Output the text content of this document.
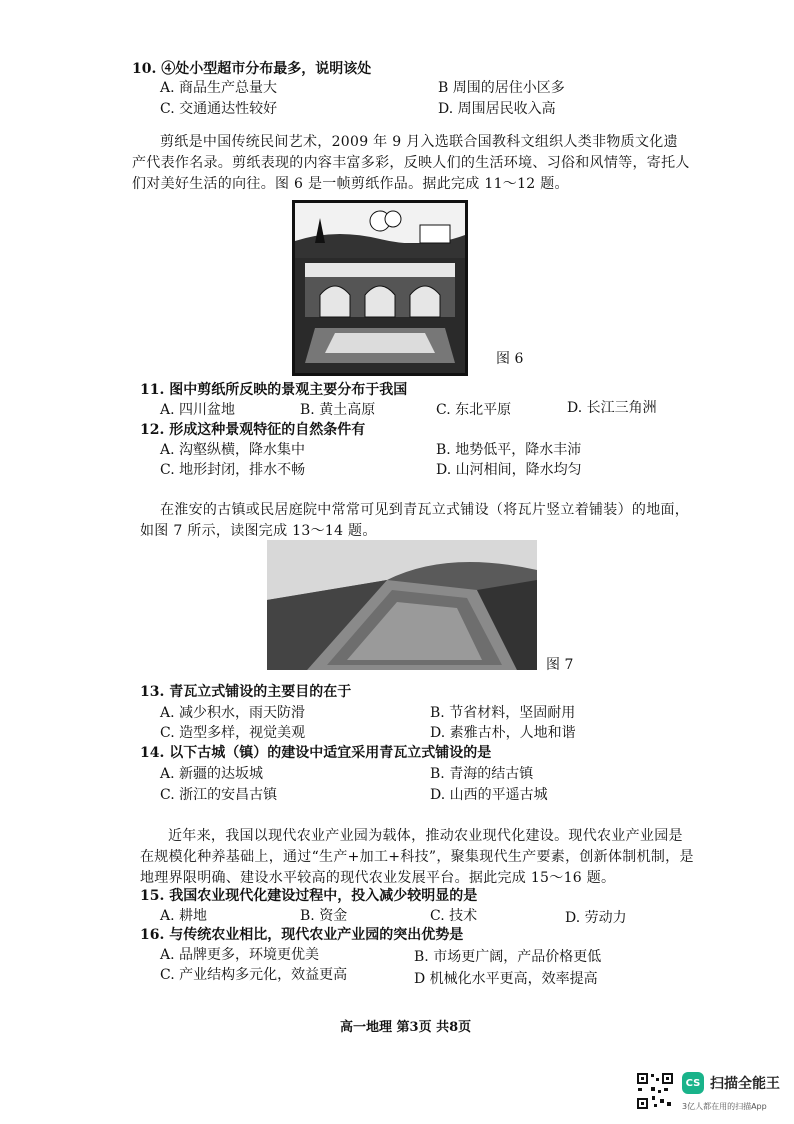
10. ④处小型超市分布最多，说明该处
A. 商品生产总量大	B 周围的居住小区多
C. 交通通达性较好	D. 周围居民收入高
剪纸是中国传统民间艺术，2009 年 9 月入选联合国教科文组织人类非物质文化遗产代表作名录。剪纸表现的内容丰富多彩，反映人们的生活环境、习俗和风情等，寄托人们对美好生活的向往。图 6 是一帧剪纸作品。据此完成 11～12 题。
图 6
11. 图中剪纸所反映的景观主要分布于我国
A. 四川盆地	B. 黄土高原	C. 东北平原	D. 长江三角洲
12. 形成这种景观特征的自然条件有
A. 沟壑纵横，降水集中	B. 地势低平，降水丰沛
C. 地形封闭，排水不畅	D. 山河相间，降水均匀
在淮安的古镇或民居庭院中常常可见到青瓦立式铺设（将瓦片竖立着铺装）的地面，如图 7 所示，读图完成 13～14 题。
图 7
13. 青瓦立式铺设的主要目的在于
A. 减少积水，雨天防滑	B. 节省材料，坚固耐用
C. 造型多样，视觉美观	D. 素雅古朴，人地和谐
14. 以下古城（镇）的建设中适宜采用青瓦立式铺设的是
A. 新疆的达坂城	B. 青海的结古镇
C. 浙江的安昌古镇	D. 山西的平遥古城
近年来，我国以现代农业产业园为载体，推动农业现代化建设。现代农业产业园是在规模化种养基础上，通过“生产+加工+科技”，聚集现代生产要素，创新体制机制，是地理界限明确、建设水平较高的现代农业发展平台。据此完成 15～16 题。
15. 我国农业现代化建设过程中，投入减少较明显的是
A. 耕地	B. 资金	C. 技术	D. 劳动力
16. 与传统农业相比，现代农业产业园的突出优势是
A. 品牌更多，环境更优美	B. 市场更广阔，产品价格更低
C. 产业结构多元化，效益更高	D 机械化水平更高，效率提高
高一地理 第3页 共8页
CS 扫描全能王
3亿人都在用的扫描App
